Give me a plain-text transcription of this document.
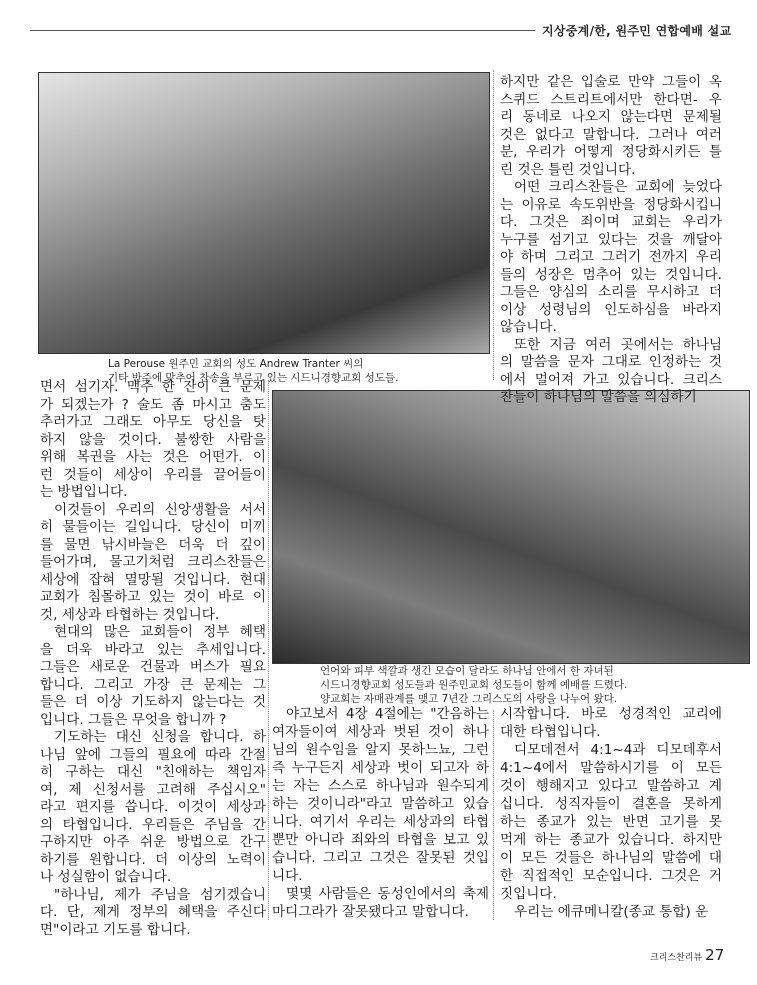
지상중계/한, 원주민 연합예배 설교
La Perouse 원주민 교회의 성도 Andrew Tranter 씨의
기타 반주에 맞추어 찬송을 부르고 있는 시드니경향교회 성도들.
언어와 피부 색깔과 생긴 모습이 달라도 하나님 안에서 한 자녀된
시드니경향교회 성도들과 원주민교회 성도들이 함께 예배를 드렸다.
양교회는 자매관계를 맺고 7년간 그리스도의 사랑을 나누어 왔다.
하지만 같은 입술로 만약 그들이 옥
스퀴드 스트리트에서만 한다면- 우
리 동네로 나오지 않는다면 문제될
것은 없다고 말합니다. 그러나 여러
분, 우리가 어떻게 정당화시키든 틀
린 것은 틀린 것입니다.
어떤 크리스찬들은 교회에 늦었다
는 이유로 속도위반을 정당화시킵니
다. 그것은 죄이며 교회는 우리가
누구를 섬기고 있다는 것을 깨달아
야 하며 그리고 그러기 전까지 우리
들의 성장은 멈추어 있는 것입니다.
그들은 양심의 소리를 무시하고 더
이상 성령님의 인도하심을 바라지
않습니다.
또한 지금 여러 곳에서는 하나님
의 말씀을 문자 그대로 인정하는 것
에서 멀어져 가고 있습니다. 크리스
찬들이 하나님의 말씀을 의심하기
면서 섬기자. 맥주 한 잔이 큰 문제
가 되겠는가 ? 술도 좀 마시고 춤도
추러가고 그래도 아무도 당신을 탓
하지 않을 것이다. 불쌍한 사람을
위해 복권을 사는 것은 어떤가. 이
런 것들이 세상이 우리를 끌어들이
는 방법입니다.
이것들이 우리의 신앙생활을 서서
히 물들이는 길입니다. 당신이 미끼
를 물면 낚시바늘은 더욱 더 깊이
들어가며, 물고기처럼 크리스찬들은
세상에 잡혀 멸망될 것입니다. 현대
교회가 침몰하고 있는 것이 바로 이
것, 세상과 타협하는 것입니다.
현대의 많은 교회들이 정부 혜택
을 더욱 바라고 있는 추세입니다.
그들은 새로운 건물과 버스가 필요
합니다. 그리고 가장 큰 문제는 그
들은 더 이상 기도하지 않는다는 것
입니다. 그들은 무엇을 합니까 ?
기도하는 대신 신청을 합니다. 하
나님 앞에 그들의 필요에 따라 간절
히 구하는 대신 "친애하는 책임자
여, 제 신청서를 고려해 주십시오"
라고 편지를 씁니다. 이것이 세상과
의 타협입니다. 우리들은 주님을 간
구하지만 아주 쉬운 방법으로 간구
하기를 원합니다. 더 이상의 노력이
나 성실함이 없습니다.
"하나님, 제가 주님을 섬기겠습니
다. 단, 제게 정부의 혜택을 주신다
면"이라고 기도를 합니다.
야고보서 4장 4절에는 "간음하는
여자들이여 세상과 벗된 것이 하나
님의 원수임을 알지 못하느뇨, 그런
즉 누구든지 세상과 벗이 되고자 하
는 자는 스스로 하나님과 원수되게
하는 것이니라"라고 말씀하고 있습
니다. 여기서 우리는 세상과의 타협
뿐만 아니라 죄와의 타협을 보고 있
습니다. 그리고 그것은 잘못된 것입
니다.
몇몇 사람들은 동성인에서의 축제
마디그라가 잘못됐다고 말합니다.
시작합니다. 바로 성경적인 교리에
대한 타협입니다.
디모데전서 4:1~4과 디모데후서
4:1~4에서 말씀하시기를 이 모든
것이 행해지고 있다고 말씀하고 계
십니다. 성직자들이 결혼을 못하게
하는 종교가 있는 반면 고기를 못
먹게 하는 종교가 있습니다. 하지만
이 모든 것들은 하나님의 말씀에 대
한 직접적인 모순입니다. 그것은 거
짓입니다.
우리는 에큐메니칼(종교 통합) 운
크리스찬리뷰 27
